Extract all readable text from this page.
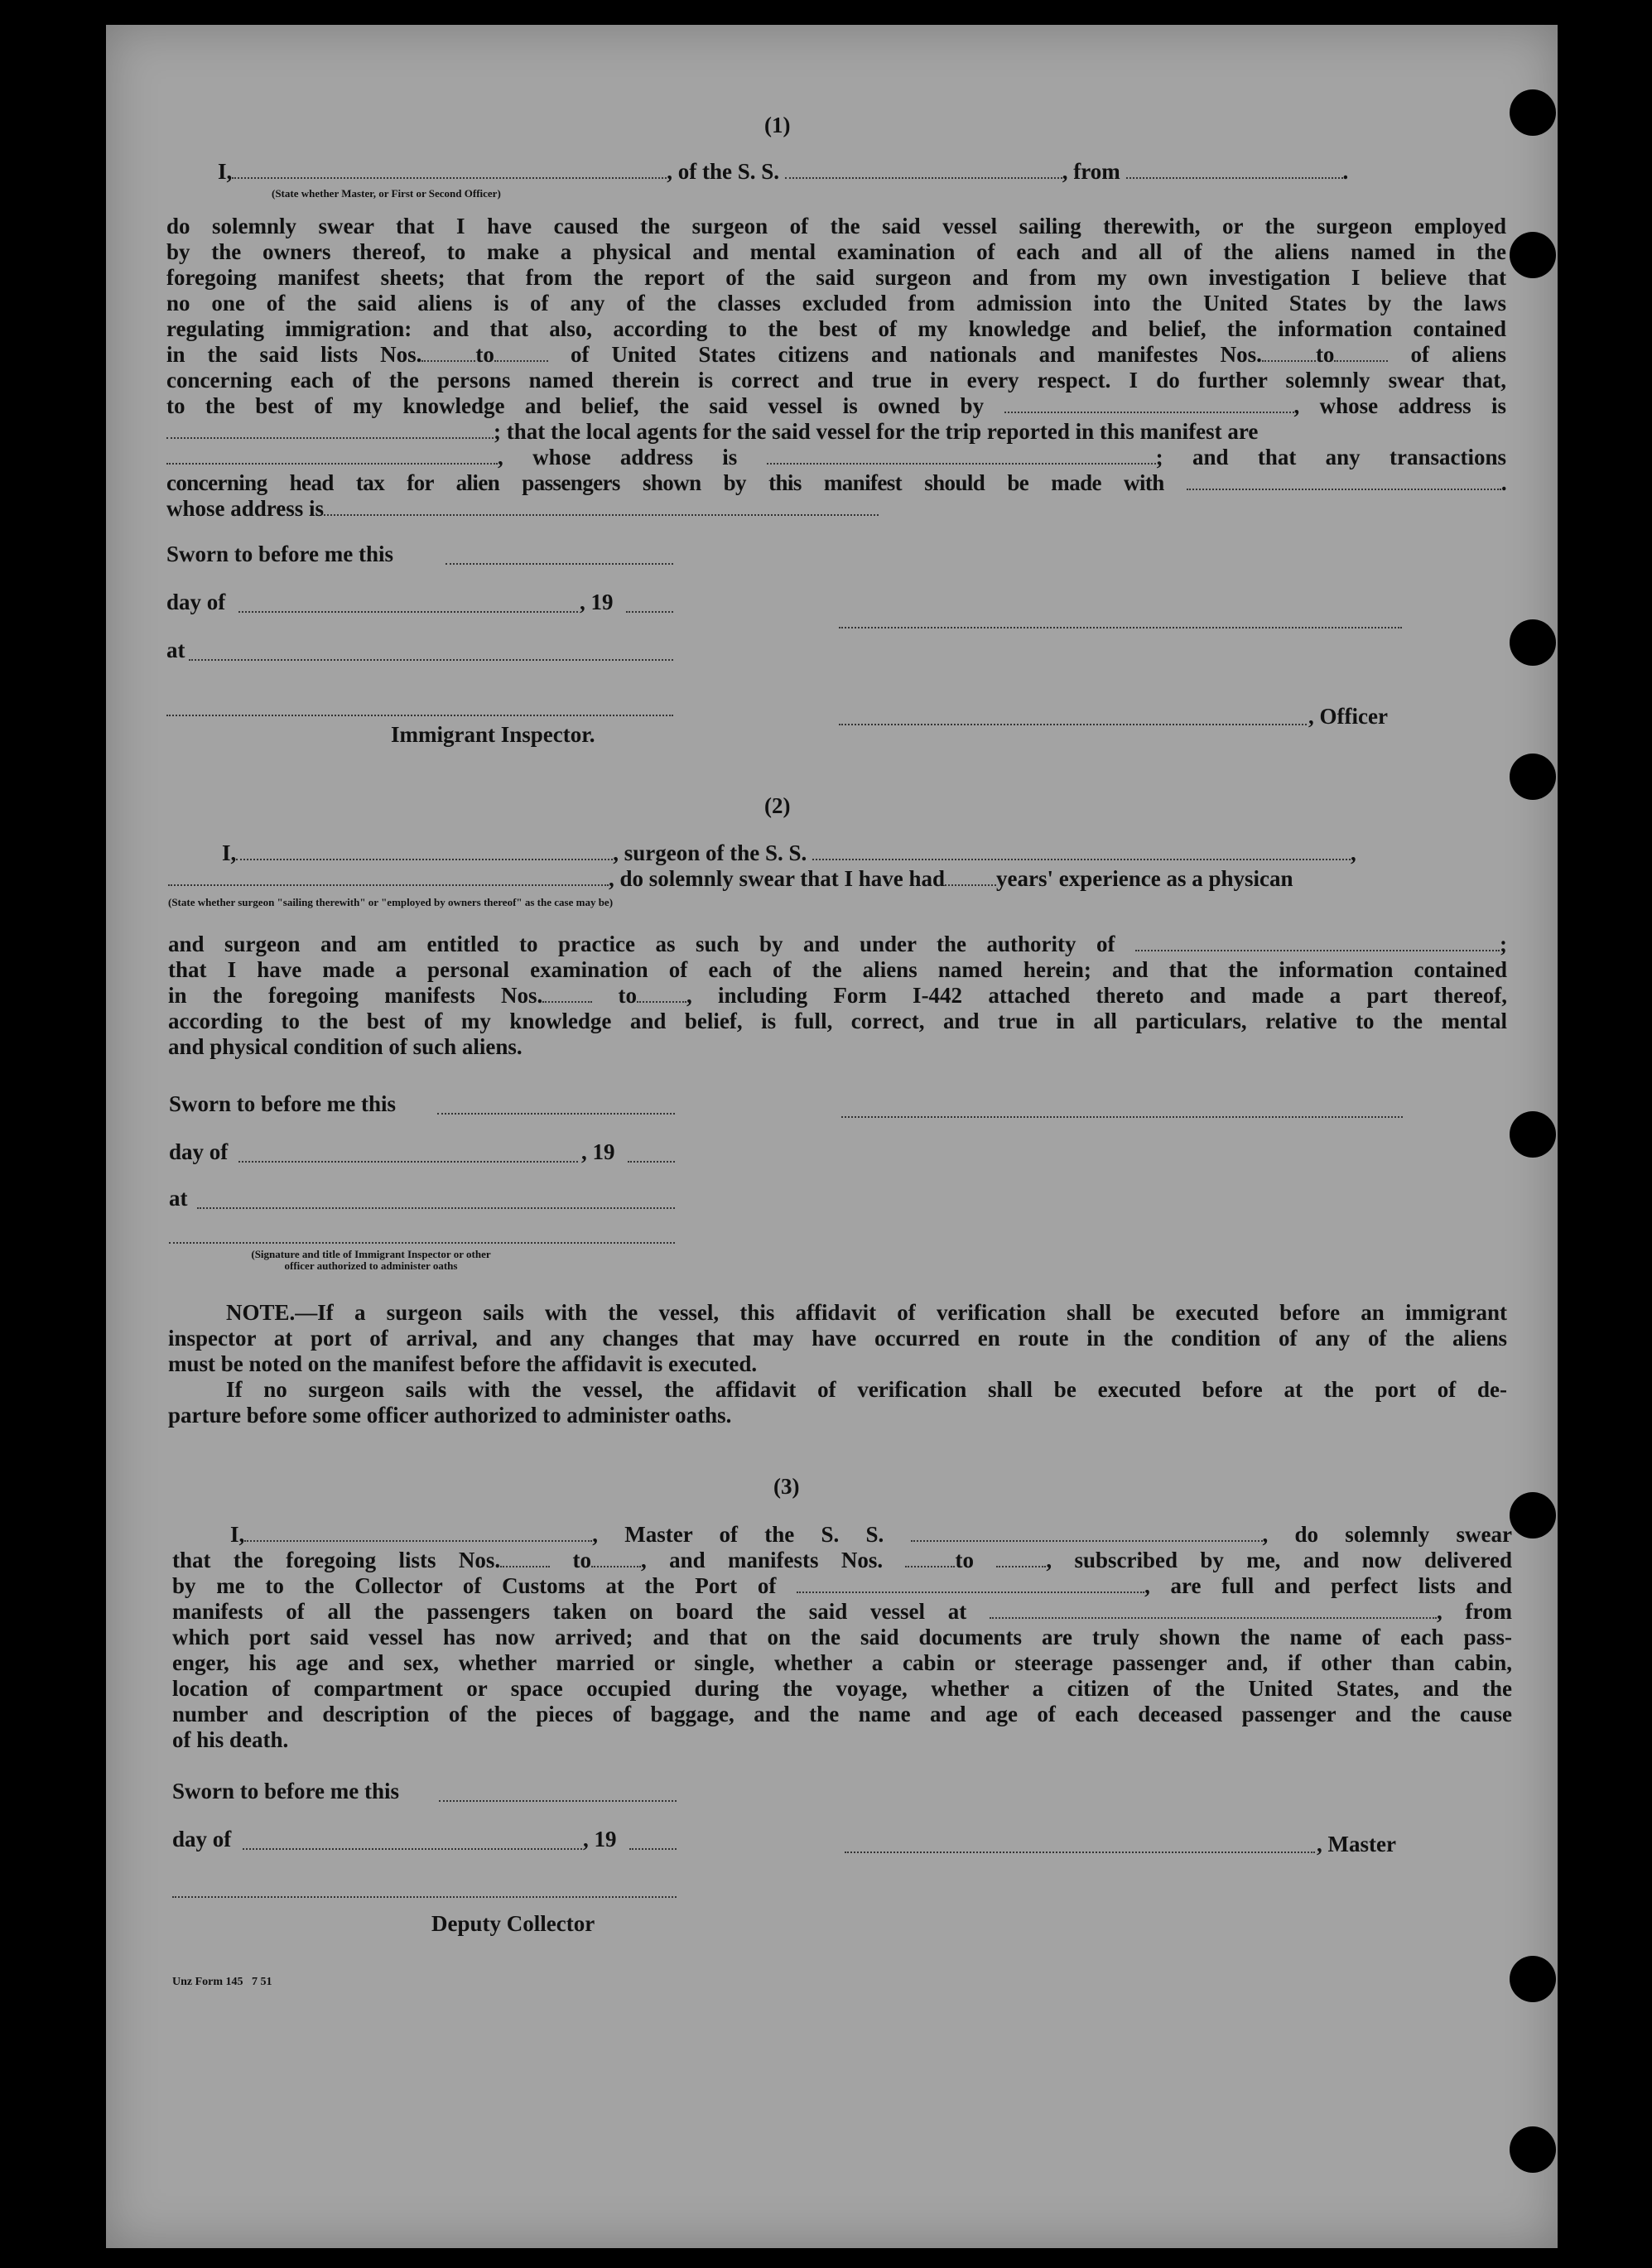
(1)
I,	, of the S. S.	, from	.
(State whether Master, or First or Second Officer)
do solemnly swear that I have caused the surgeon of the said vessel sailing therewith, or the surgeon employed
by the owners thereof, to make a physical and mental examination of each and all of the aliens named in the
foregoing manifest sheets; that from the report of the said surgeon and from my own investigation I believe that
no one of the said aliens is of any of the classes excluded from admission into the United States by the laws
regulating immigration: and that also, according to the best of my knowledge and belief, the information contained
in the said lists Nos. to	of United States citizens and nationals and manifestes Nos. to	of aliens
concerning each of the persons named therein is correct and true in every respect. I do further solemnly swear that,
to the best of my knowledge and belief, the said vessel is owned by	, whose address is
; that the local agents for the said vessel for the trip reported in this manifest are
, whose address is	; and that any transactions
concerning head tax for alien passengers shown by this manifest should be made with	.
whose address is
Sworn to before me this
day of	, 19
at
Immigrant Inspector.
, Officer
(2)
I,	, surgeon of the S. S.	,
, do solemnly swear that I have had years' experience as a physican
(State whether surgeon "sailing therewith" or "employed by owners thereof" as the case may be)
and surgeon and am entitled to practice as such by and under the authority of	;
that I have made a personal examination of each of the aliens named herein; and that the information contained
in the foregoing manifests Nos.	to , including Form I-442 attached thereto and made a part thereof,
according to the best of my knowledge and belief, is full, correct, and true in all particulars, relative to the mental
and physical condition of such aliens.
Sworn to before me this
day of	, 19
at
(Signature and title of Immigrant Inspector or other
officer authorized to administer oaths
NOTE.—If a surgeon sails with the vessel, this affidavit of verification shall be executed before an immigrant
inspector at port of arrival, and any changes that may have occurred en route in the condition of any of the aliens
must be noted on the manifest before the affidavit is executed.
If no surgeon sails with the vessel, the affidavit of verification shall be executed before at the port of de-
parture before some officer authorized to administer oaths.
(3)
I,	, Master of the S. S.	, do solemnly swear
that the foregoing lists Nos.	to , and manifests Nos.	to	, subscribed by me, and now delivered
by me to the Collector of Customs at the Port of	, are full and perfect lists and
manifests of all the passengers taken on board the said vessel at	, from
which port said vessel has now arrived; and that on the said documents are truly shown the name of each pass-
enger, his age and sex, whether married or single, whether a cabin or steerage passenger and, if other than cabin,
location of compartment or space occupied during the voyage, whether a citizen of the United States, and the
number and description of the pieces of baggage, and the name and age of each deceased passenger and the cause
of his death.
Sworn to before me this
day of	, 19	, Master
Deputy Collector
Unz Form 145   7 51
